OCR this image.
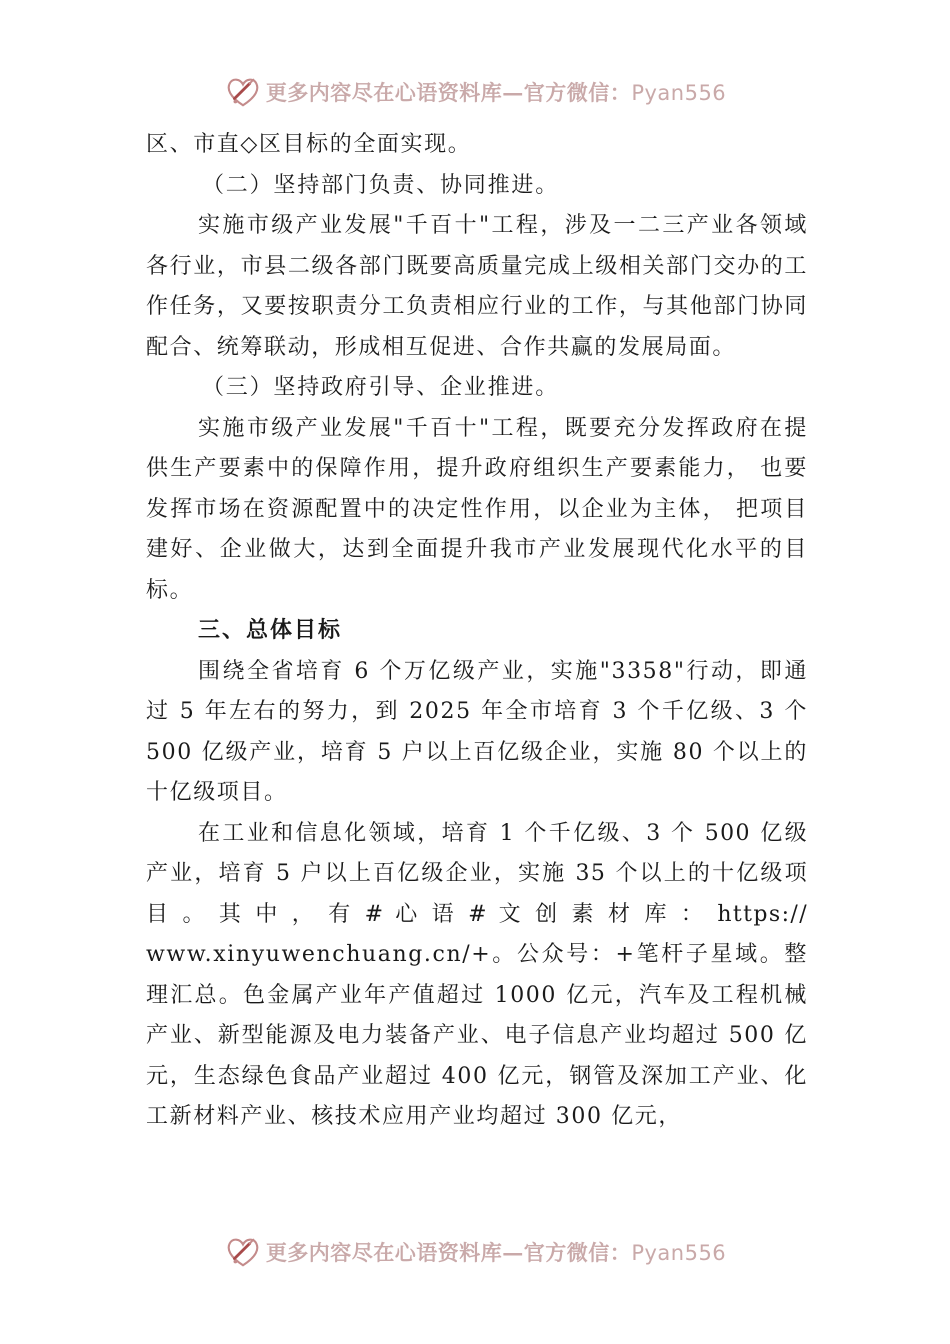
更多内容尽在心语资料库—官方微信：Pyan556

区、市直◇区目标的全面实现。

（二）坚持部门负责、协同推进。

实施市级产业发展"千百十"工程，涉及一二三产业各领域各行业，市县二级各部门既要高质量完成上级相关部门交办的工作任务，又要按职责分工负责相应行业的工作，与其他部门协同配合、统筹联动，形成相互促进、合作共赢的发展局面。

（三）坚持政府引导、企业推进。

实施市级产业发展"千百十"工程，既要充分发挥政府在提供生产要素中的保障作用，提升政府组织生产要素能力， 也要发挥市场在资源配置中的决定性作用，以企业为主体， 把项目建好、企业做大，达到全面提升我市产业发展现代化水平的目标。

三、总体目标

围绕全省培育 6 个万亿级产业，实施"3358"行动，即通过 5 年左右的努力，到 2025 年全市培育 3 个千亿级、3 个 500 亿级产业，培育 5 户以上百亿级企业，实施 80 个以上的十亿级项目。

在工业和信息化领域，培育 1 个千亿级、3 个 500 亿级产业，培育 5 户以上百亿级企业，实施 35 个以上的十亿级项 目 。 其 中 ， 有 # 心 语 # 文 创 素 材 库 ： https://

www.xinyuwenchuang.cn/+。公众号：+笔杆子星域。整理汇总。色金属产业年产值超过 1000 亿元，汽车及工程机械产业、新型能源及电力装备产业、电子信息产业均超过 500 亿元，生态绿色食品产业超过 400 亿元，钢管及深加工产业、化工新材料产业、核技术应用产业均超过 300 亿元，

更多内容尽在心语资料库—官方微信：Pyan556
